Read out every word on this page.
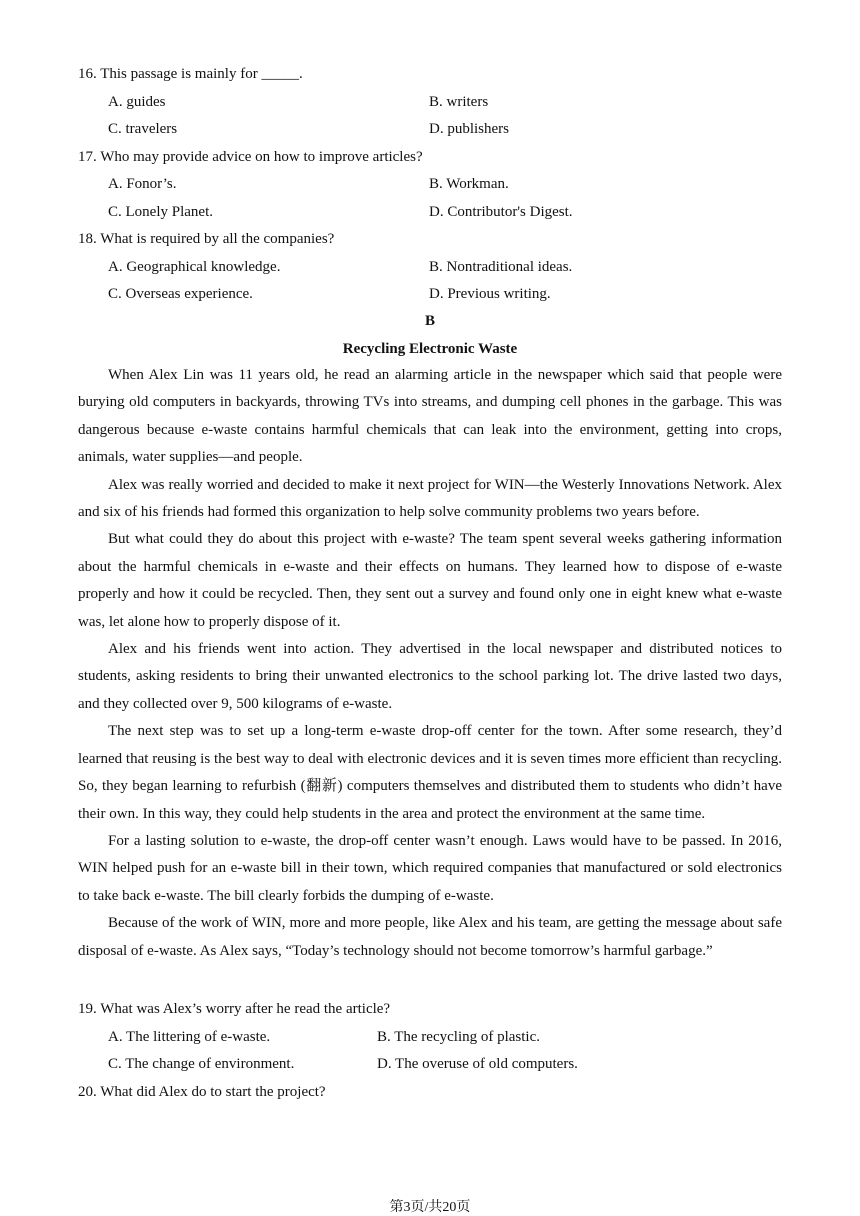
16. This passage is mainly for _____.
A. guides	B. writers
C. travelers	D. publishers
17. Who may provide advice on how to improve articles?
A. Fonor’s.	B. Workman.
C. Lonely Planet.	D. Contributor's Digest.
18. What is required by all the companies?
A. Geographical knowledge.	B. Nontraditional ideas.
C. Overseas experience.	D. Previous writing.
B
Recycling Electronic Waste

When Alex Lin was 11 years old, he read an alarming article in the newspaper which said that people were burying old computers in backyards, throwing TVs into streams, and dumping cell phones in the garbage. This was dangerous because e-waste contains harmful chemicals that can leak into the environment, getting into crops, animals, water supplies—and people.

Alex was really worried and decided to make it next project for WIN—the Westerly Innovations Network. Alex and six of his friends had formed this organization to help solve community problems two years before.

But what could they do about this project with e-waste? The team spent several weeks gathering information about the harmful chemicals in e-waste and their effects on humans. They learned how to dispose of e-waste properly and how it could be recycled. Then, they sent out a survey and found only one in eight knew what e-waste was, let alone how to properly dispose of it.

Alex and his friends went into action. They advertised in the local newspaper and distributed notices to students, asking residents to bring their unwanted electronics to the school parking lot. The drive lasted two days, and they collected over 9, 500 kilograms of e-waste.

The next step was to set up a long-term e-waste drop-off center for the town. After some research, they’d learned that reusing is the best way to deal with electronic devices and it is seven times more efficient than recycling. So, they began learning to refurbish (翻新) computers themselves and distributed them to students who didn’t have their own. In this way, they could help students in the area and protect the environment at the same time.

For a lasting solution to e-waste, the drop-off center wasn’t enough. Laws would have to be passed. In 2016, WIN helped push for an e-waste bill in their town, which required companies that manufactured or sold electronics to take back e-waste. The bill clearly forbids the dumping of e-waste.

Because of the work of WIN, more and more people, like Alex and his team, are getting the message about safe disposal of e-waste. As Alex says, “Today’s technology should not become tomorrow’s harmful garbage.”

19. What was Alex’s worry after he read the article?
A. The littering of e-waste.	B. The recycling of plastic.
C. The change of environment.	D. The overuse of old computers.
20. What did Alex do to start the project?
第3页/共20页
